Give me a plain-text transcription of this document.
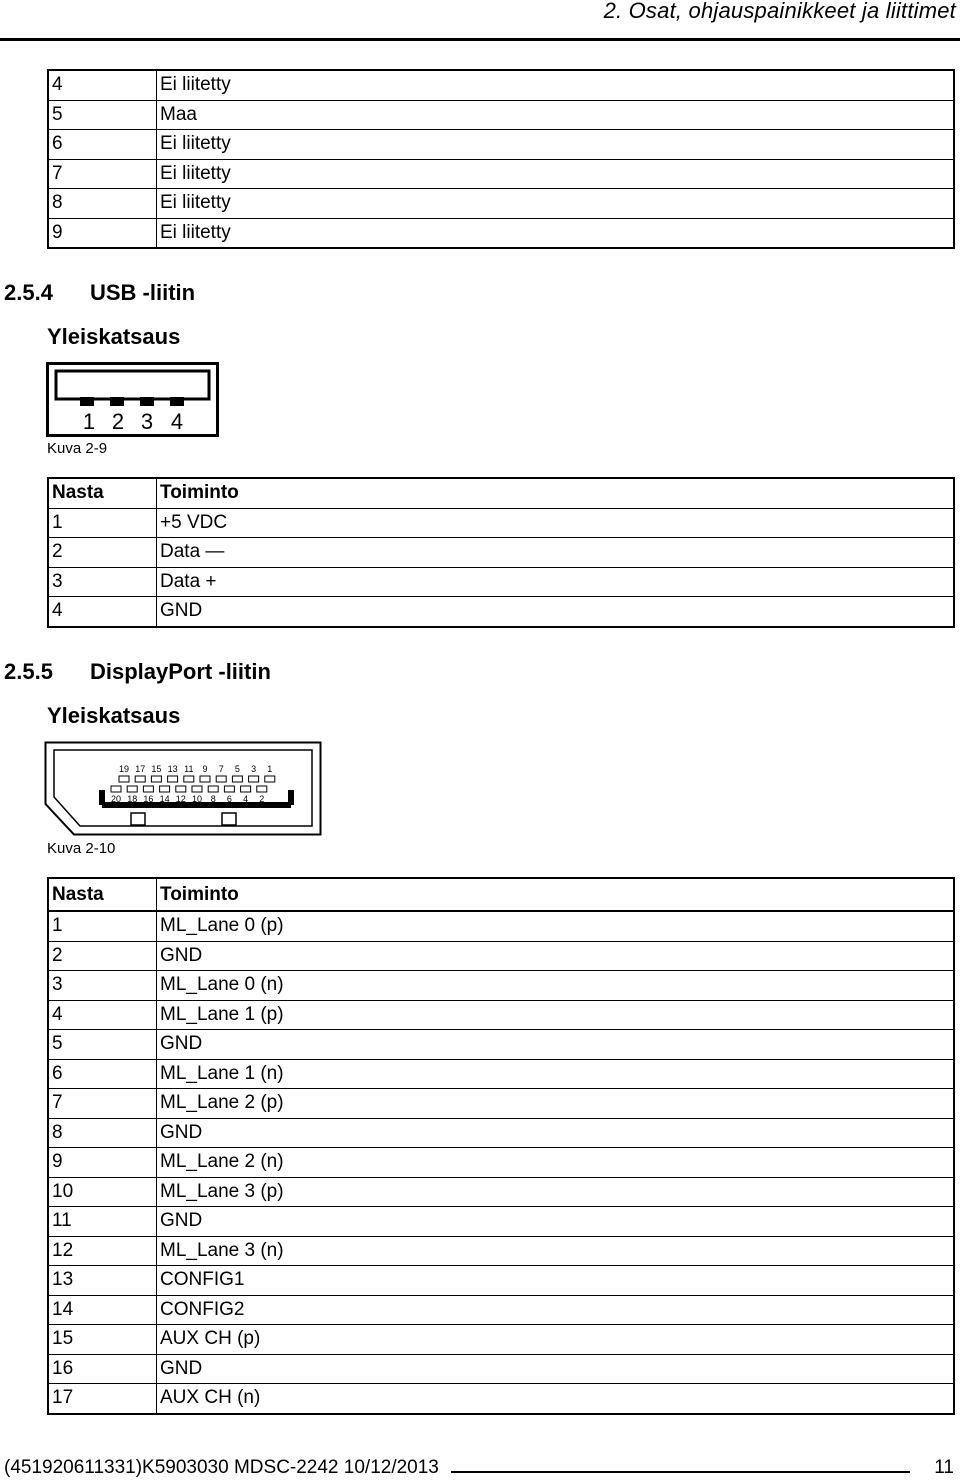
2. Osat, ohjauspainikkeet ja liittimet
4	Ei liitetty
5	Maa
6	Ei liitetty
7	Ei liitetty
8	Ei liitetty
9	Ei liitetty
2.5.4 USB -liitin
Yleiskatsaus
1 2 3 4
Kuva 2-9
Nasta	Toiminto
1	+5 VDC
2	Data —
3	Data +
4	GND
2.5.5 DisplayPort -liitin
Yleiskatsaus
19 17 15 13 11 9 7 5 3 1
20 18 16 14 12 10 8 6 4 2
Kuva 2-10
Nasta	Toiminto
1	ML_Lane 0 (p)
2	GND
3	ML_Lane 0 (n)
4	ML_Lane 1 (p)
5	GND
6	ML_Lane 1 (n)
7	ML_Lane 2 (p)
8	GND
9	ML_Lane 2 (n)
10	ML_Lane 3 (p)
11	GND
12	ML_Lane 3 (n)
13	CONFIG1
14	CONFIG2
15	AUX CH (p)
16	GND
17	AUX CH (n)
(451920611331)K5903030 MDSC-2242 10/12/2013	11
